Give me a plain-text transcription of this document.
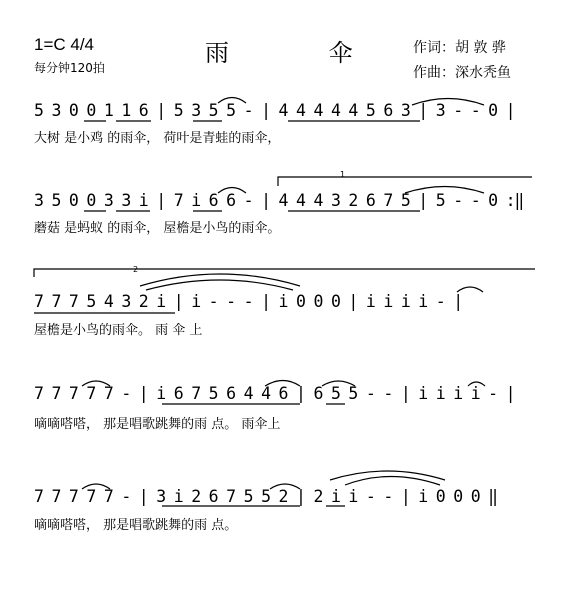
1=C 4/4
每分钟120拍
雨 伞 作词：胡 敦 骅
作曲：深水秃鱼
5 3 0 0 1 1 6 | 5 3 5 5 - | 4 4 4 4 4 5 6 3 | 3 - - 0 |
大树 是小鸡 的雨伞， 荷叶是青蛙的雨伞，
3 5 0 0 3 3 i | 7 i 6 6 - | 4 4 4 3 2 6 7 5 | 5 - - 0 :‖
蘑菇 是蚂蚁 的雨伞， 屋檐是小鸟的雨伞。
7 7 7 5 4 3 2 i | i - - - | i 0 0 0 | i i i i - |
屋檐是小鸟的雨伞。 雨 伞 上
7 7 7 7 7 - | i 6 7 5 6 4 4 6 | 6 5 5 - - | i i i i - |
嘀嘀嗒嗒， 那是唱歌跳舞的雨 点。 雨伞上
7 7 7 7 7 - | 3 i 2 6 7 5 5 2 | 2 i i - - | i 0 0 0 ‖
嘀嘀嗒嗒， 那是唱歌跳舞的雨 点。
1
2
